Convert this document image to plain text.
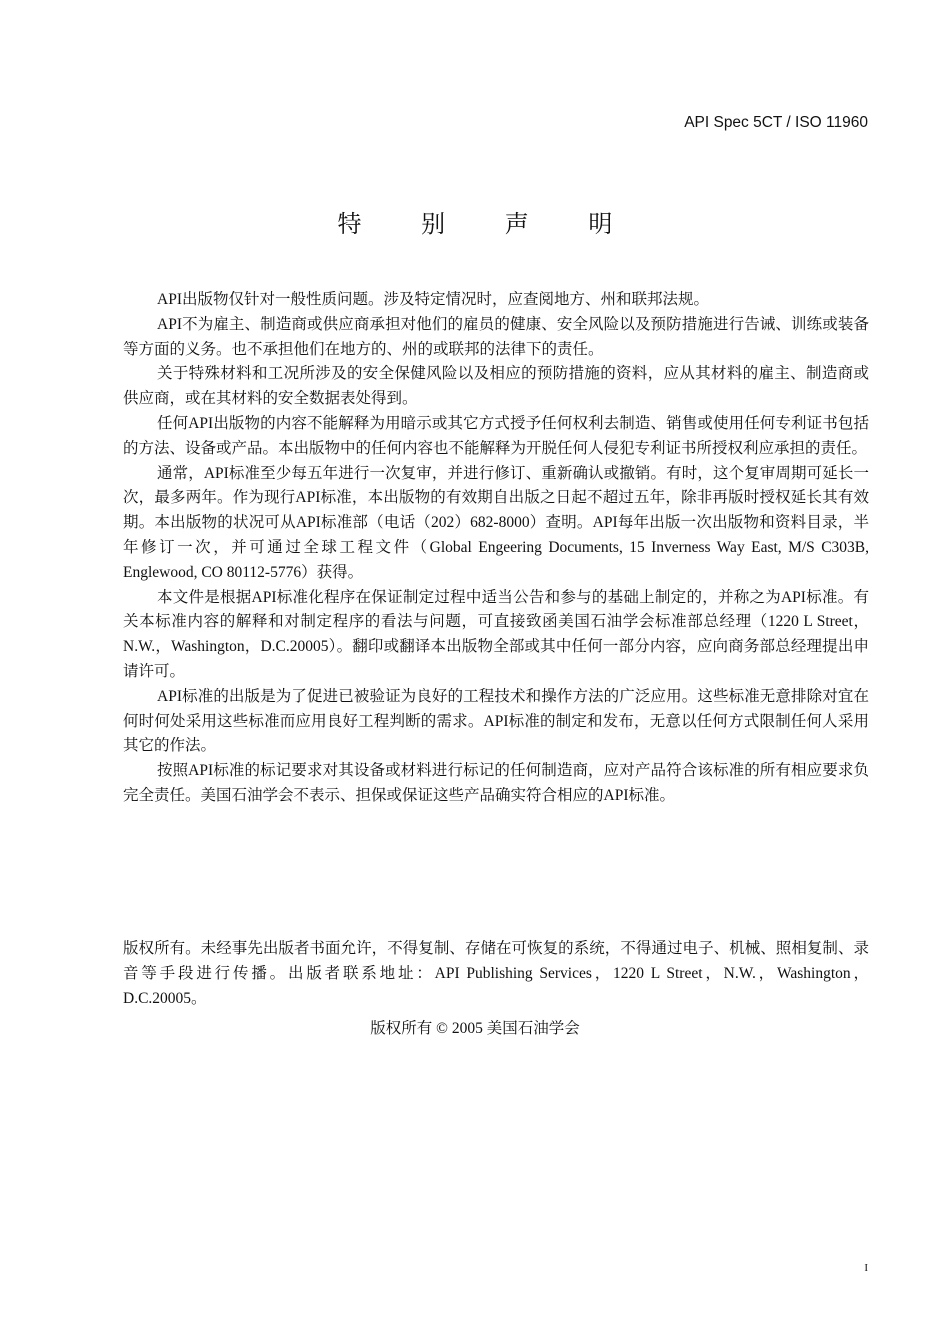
API Spec 5CT / ISO 11960
特 别 声 明

API出版物仅针对一般性质问题。涉及特定情况时，应查阅地方、州和联邦法规。

API不为雇主、制造商或供应商承担对他们的雇员的健康、安全风险以及预防措施进行告诫、训练或装备等方面的义务。也不承担他们在地方的、州的或联邦的法律下的责任。

关于特殊材料和工况所涉及的安全保健风险以及相应的预防措施的资料，应从其材料的雇主、制造商或供应商，或在其材料的安全数据表处得到。

任何API出版物的内容不能解释为用暗示或其它方式授予任何权利去制造、销售或使用任何专利证书包括的方法、设备或产品。本出版物中的任何内容也不能解释为开脱任何人侵犯专利证书所授权利应承担的责任。

通常，API标准至少每五年进行一次复审，并进行修订、重新确认或撤销。有时，这个复审周期可延长一次，最多两年。作为现行API标准，本出版物的有效期自出版之日起不超过五年，除非再版时授权延长其有效期。本出版物的状况可从API标准部（电话（202）682-8000）查明。API每年出版一次出版物和资料目录，半年修订一次，并可通过全球工程文件（Global Engeering Documents, 15 Inverness Way East, M/S C303B, Englewood, CO 80112-5776）获得。

本文件是根据API标准化程序在保证制定过程中适当公告和参与的基础上制定的，并称之为API标准。有关本标准内容的解释和对制定程序的看法与问题，可直接致函美国石油学会标准部总经理（1220 L Street，N.W.，Washington，D.C.20005）。翻印或翻译本出版物全部或其中任何一部分内容，应向商务部总经理提出申请许可。

API标准的出版是为了促进已被验证为良好的工程技术和操作方法的广泛应用。这些标准无意排除对宜在何时何处采用这些标准而应用良好工程判断的需求。API标准的制定和发布，无意以任何方式限制任何人采用其它的作法。

按照API标准的标记要求对其设备或材料进行标记的任何制造商，应对产品符合该标准的所有相应要求负完全责任。美国石油学会不表示、担保或保证这些产品确实符合相应的API标准。

版权所有。未经事先出版者书面允许，不得复制、存储在可恢复的系统，不得通过电子、机械、照相复制、录音等手段进行传播。出版者联系地址：API Publishing Services，1220 L Street，N.W.，Washington，D.C.20005。
版权所有 © 2005 美国石油学会
I
